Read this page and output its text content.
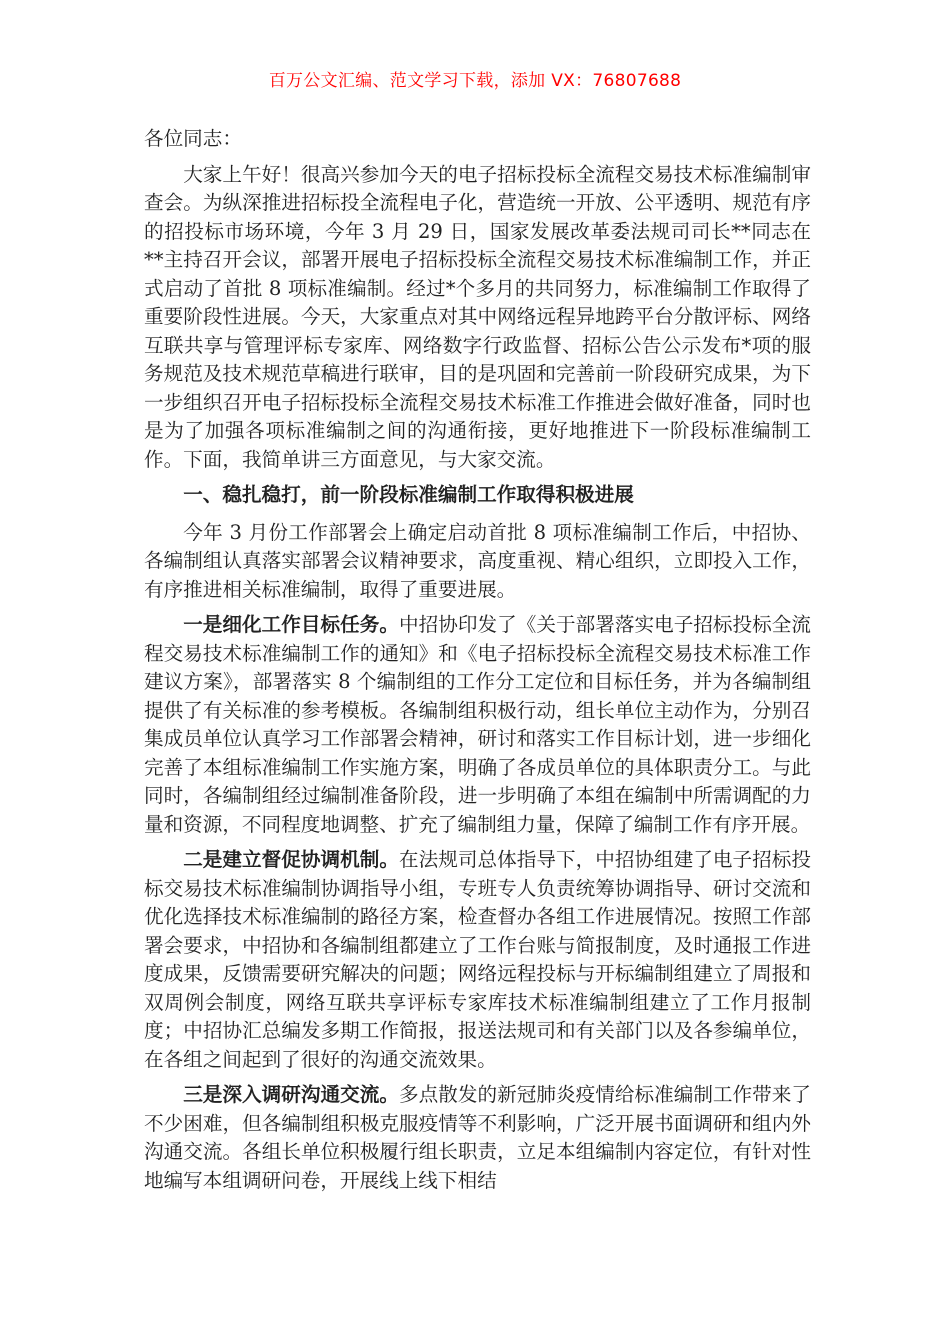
百万公文汇编、范文学习下载，添加 VX：76807688

各位同志：

大家上午好！很高兴参加今天的电子招标投标全流程交易技术标准编制审查会。为纵深推进招标投全流程电子化，营造统一开放、公平透明、规范有序的招投标市场环境，今年 3 月 29 日，国家发展改革委法规司司长**同志在**主持召开会议，部署开展电子招标投标全流程交易技术标准编制工作，并正式启动了首批 8 项标准编制。经过*个多月的共同努力，标准编制工作取得了重要阶段性进展。今天，大家重点对其中网络远程异地跨平台分散评标、网络互联共享与管理评标专家库、网络数字行政监督、招标公告公示发布*项的服务规范及技术规范草稿进行联审，目的是巩固和完善前一阶段研究成果，为下一步组织召开电子招标投标全流程交易技术标准工作推进会做好准备，同时也是为了加强各项标准编制之间的沟通衔接，更好地推进下一阶段标准编制工作。下面，我简单讲三方面意见，与大家交流。

一、稳扎稳打，前一阶段标准编制工作取得积极进展

今年 3 月份工作部署会上确定启动首批 8 项标准编制工作后，中招协、各编制组认真落实部署会议精神要求，高度重视、精心组织，立即投入工作，有序推进相关标准编制，取得了重要进展。

一是细化工作目标任务。中招协印发了《关于部署落实电子招标投标全流程交易技术标准编制工作的通知》和《电子招标投标全流程交易技术标准工作建议方案》，部署落实 8 个编制组的工作分工定位和目标任务，并为各编制组提供了有关标准的参考模板。各编制组积极行动，组长单位主动作为，分别召集成员单位认真学习工作部署会精神，研讨和落实工作目标计划，进一步细化完善了本组标准编制工作实施方案，明确了各成员单位的具体职责分工。与此同时，各编制组经过编制准备阶段，进一步明确了本组在编制中所需调配的力量和资源，不同程度地调整、扩充了编制组力量，保障了编制工作有序开展。

二是建立督促协调机制。在法规司总体指导下，中招协组建了电子招标投标交易技术标准编制协调指导小组，专班专人负责统筹协调指导、研讨交流和优化选择技术标准编制的路径方案，检查督办各组工作进展情况。按照工作部署会要求，中招协和各编制组都建立了工作台账与简报制度，及时通报工作进度成果，反馈需要研究解决的问题；网络远程投标与开标编制组建立了周报和双周例会制度，网络互联共享评标专家库技术标准编制组建立了工作月报制度；中招协汇总编发多期工作简报，报送法规司和有关部门以及各参编单位，在各组之间起到了很好的沟通交流效果。

三是深入调研沟通交流。多点散发的新冠肺炎疫情给标准编制工作带来了不少困难，但各编制组积极克服疫情等不利影响，广泛开展书面调研和组内外沟通交流。各组长单位积极履行组长职责，立足本组编制内容定位，有针对性地编写本组调研问卷，开展线上线下相结
